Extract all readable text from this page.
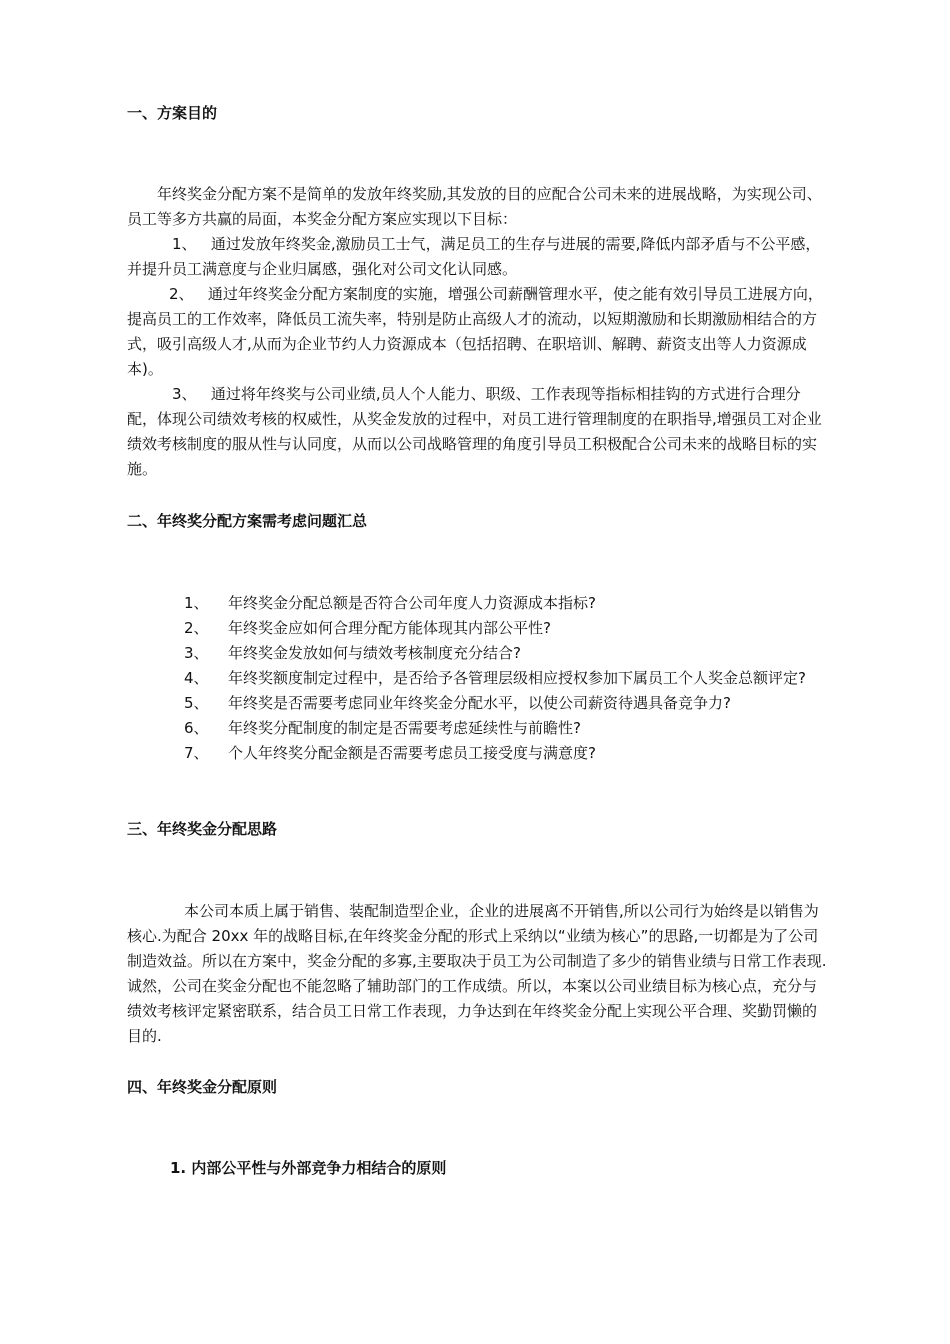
一、方案目的

年终奖金分配方案不是简单的发放年终奖励,其发放的目的应配合公司未来的进展战略，为实现公司、员工等多方共赢的局面，本奖金分配方案应实现以下目标：

1、 通过发放年终奖金,激励员工士气，满足员工的生存与进展的需要,降低内部矛盾与不公平感，并提升员工满意度与企业归属感，强化对公司文化认同感。

2、 通过年终奖金分配方案制度的实施，增强公司薪酬管理水平，使之能有效引导员工进展方向，提高员工的工作效率，降低员工流失率，特别是防止高级人才的流动，以短期激励和长期激励相结合的方式，吸引高级人才,从而为企业节约人力资源成本（包括招聘、在职培训、解聘、薪资支出等人力资源成本)。

3、 通过将年终奖与公司业绩,员人个人能力、职级、工作表现等指标相挂钩的方式进行合理分配，体现公司绩效考核的权威性，从奖金发放的过程中，对员工进行管理制度的在职指导,增强员工对企业绩效考核制度的服从性与认同度，从而以公司战略管理的角度引导员工积极配合公司未来的战略目标的实施。

二、年终奖分配方案需考虑问题汇总
1、 年终奖金分配总额是否符合公司年度人力资源成本指标?
2、 年终奖金应如何合理分配方能体现其内部公平性?
3、 年终奖金发放如何与绩效考核制度充分结合?
4、 年终奖额度制定过程中，是否给予各管理层级相应授权参加下属员工个人奖金总额评定?
5、 年终奖是否需要考虑同业年终奖金分配水平，以使公司薪资待遇具备竞争力?
6、 年终奖分配制度的制定是否需要考虑延续性与前瞻性?
7、 个人年终奖分配金额是否需要考虑员工接受度与满意度?
三、年终奖金分配思路

本公司本质上属于销售、装配制造型企业，企业的进展离不开销售,所以公司行为始终是以销售为核心.为配合 20xx 年的战略目标,在年终奖金分配的形式上采纳以“业绩为核心”的思路,一切都是为了公司制造效益。所以在方案中，奖金分配的多寡,主要取决于员工为公司制造了多少的销售业绩与日常工作表现.诚然，公司在奖金分配也不能忽略了辅助部门的工作成绩。所以，本案以公司业绩目标为核心点，充分与绩效考核评定紧密联系，结合员工日常工作表现，力争达到在年终奖金分配上实现公平合理、奖勤罚懒的目的.

四、年终奖金分配原则
1. 内部公平性与外部竞争力相结合的原则
